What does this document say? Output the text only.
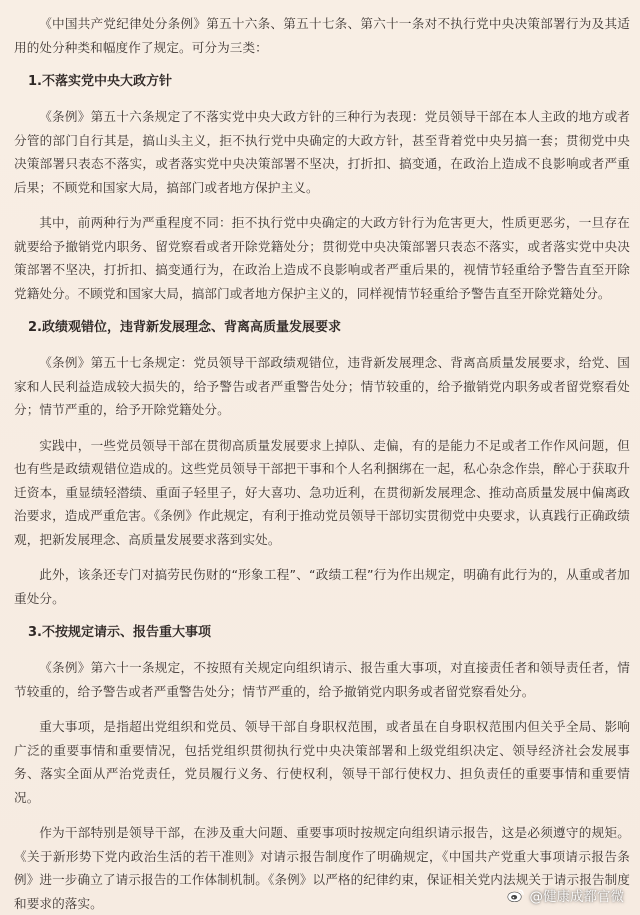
《中国共产党纪律处分条例》第五十六条、第五十七条、第六十一条对不执行党中央决策部署行为及其适用的处分种类和幅度作了规定。可分为三类：

1.不落实党中央大政方针

《条例》第五十六条规定了不落实党中央大政方针的三种行为表现：党员领导干部在本人主政的地方或者分管的部门自行其是，搞山头主义，拒不执行党中央确定的大政方针，甚至背着党中央另搞一套；贯彻党中央决策部署只表态不落实，或者落实党中央决策部署不坚决，打折扣、搞变通，在政治上造成不良影响或者严重后果；不顾党和国家大局，搞部门或者地方保护主义。

其中，前两种行为严重程度不同：拒不执行党中央确定的大政方针行为危害更大，性质更恶劣，一旦存在就要给予撤销党内职务、留党察看或者开除党籍处分；贯彻党中央决策部署只表态不落实，或者落实党中央决策部署不坚决，打折扣、搞变通行为，在政治上造成不良影响或者严重后果的，视情节轻重给予警告直至开除党籍处分。不顾党和国家大局，搞部门或者地方保护主义的，同样视情节轻重给予警告直至开除党籍处分。

2.政绩观错位，违背新发展理念、背离高质量发展要求

《条例》第五十七条规定：党员领导干部政绩观错位，违背新发展理念、背离高质量发展要求，给党、国家和人民利益造成较大损失的，给予警告或者严重警告处分；情节较重的，给予撤销党内职务或者留党察看处分；情节严重的，给予开除党籍处分。

实践中，一些党员领导干部在贯彻高质量发展要求上掉队、走偏，有的是能力不足或者工作作风问题，但也有些是政绩观错位造成的。这些党员领导干部把干事和个人名利捆绑在一起，私心杂念作祟，醉心于获取升迁资本，重显绩轻潜绩、重面子轻里子，好大喜功、急功近利，在贯彻新发展理念、推动高质量发展中偏离政治要求，造成严重危害。《条例》作此规定，有利于推动党员领导干部切实贯彻党中央要求，认真践行正确政绩观，把新发展理念、高质量发展要求落到实处。

此外，该条还专门对搞劳民伤财的“形象工程”、“政绩工程”行为作出规定，明确有此行为的，从重或者加重处分。

3.不按规定请示、报告重大事项

《条例》第六十一条规定，不按照有关规定向组织请示、报告重大事项，对直接责任者和领导责任者，情节较重的，给予警告或者严重警告处分；情节严重的，给予撤销党内职务或者留党察看处分。

重大事项，是指超出党组织和党员、领导干部自身职权范围，或者虽在自身职权范围内但关乎全局、影响广泛的重要事情和重要情况，包括党组织贯彻执行党中央决策部署和上级党组织决定、领导经济社会发展事务、落实全面从严治党责任，党员履行义务、行使权利，领导干部行使权力、担负责任的重要事情和重要情况。

作为干部特别是领导干部，在涉及重大问题、重要事项时按规定向组织请示报告，这是必须遵守的规矩。《关于新形势下党内政治生活的若干准则》对请示报告制度作了明确规定，《中国共产党重大事项请示报告条例》进一步确立了请示报告的工作体制机制。《条例》以严格的纪律约束，保证相关党内法规关于请示报告制度和要求的落实。	@健康成都官微
